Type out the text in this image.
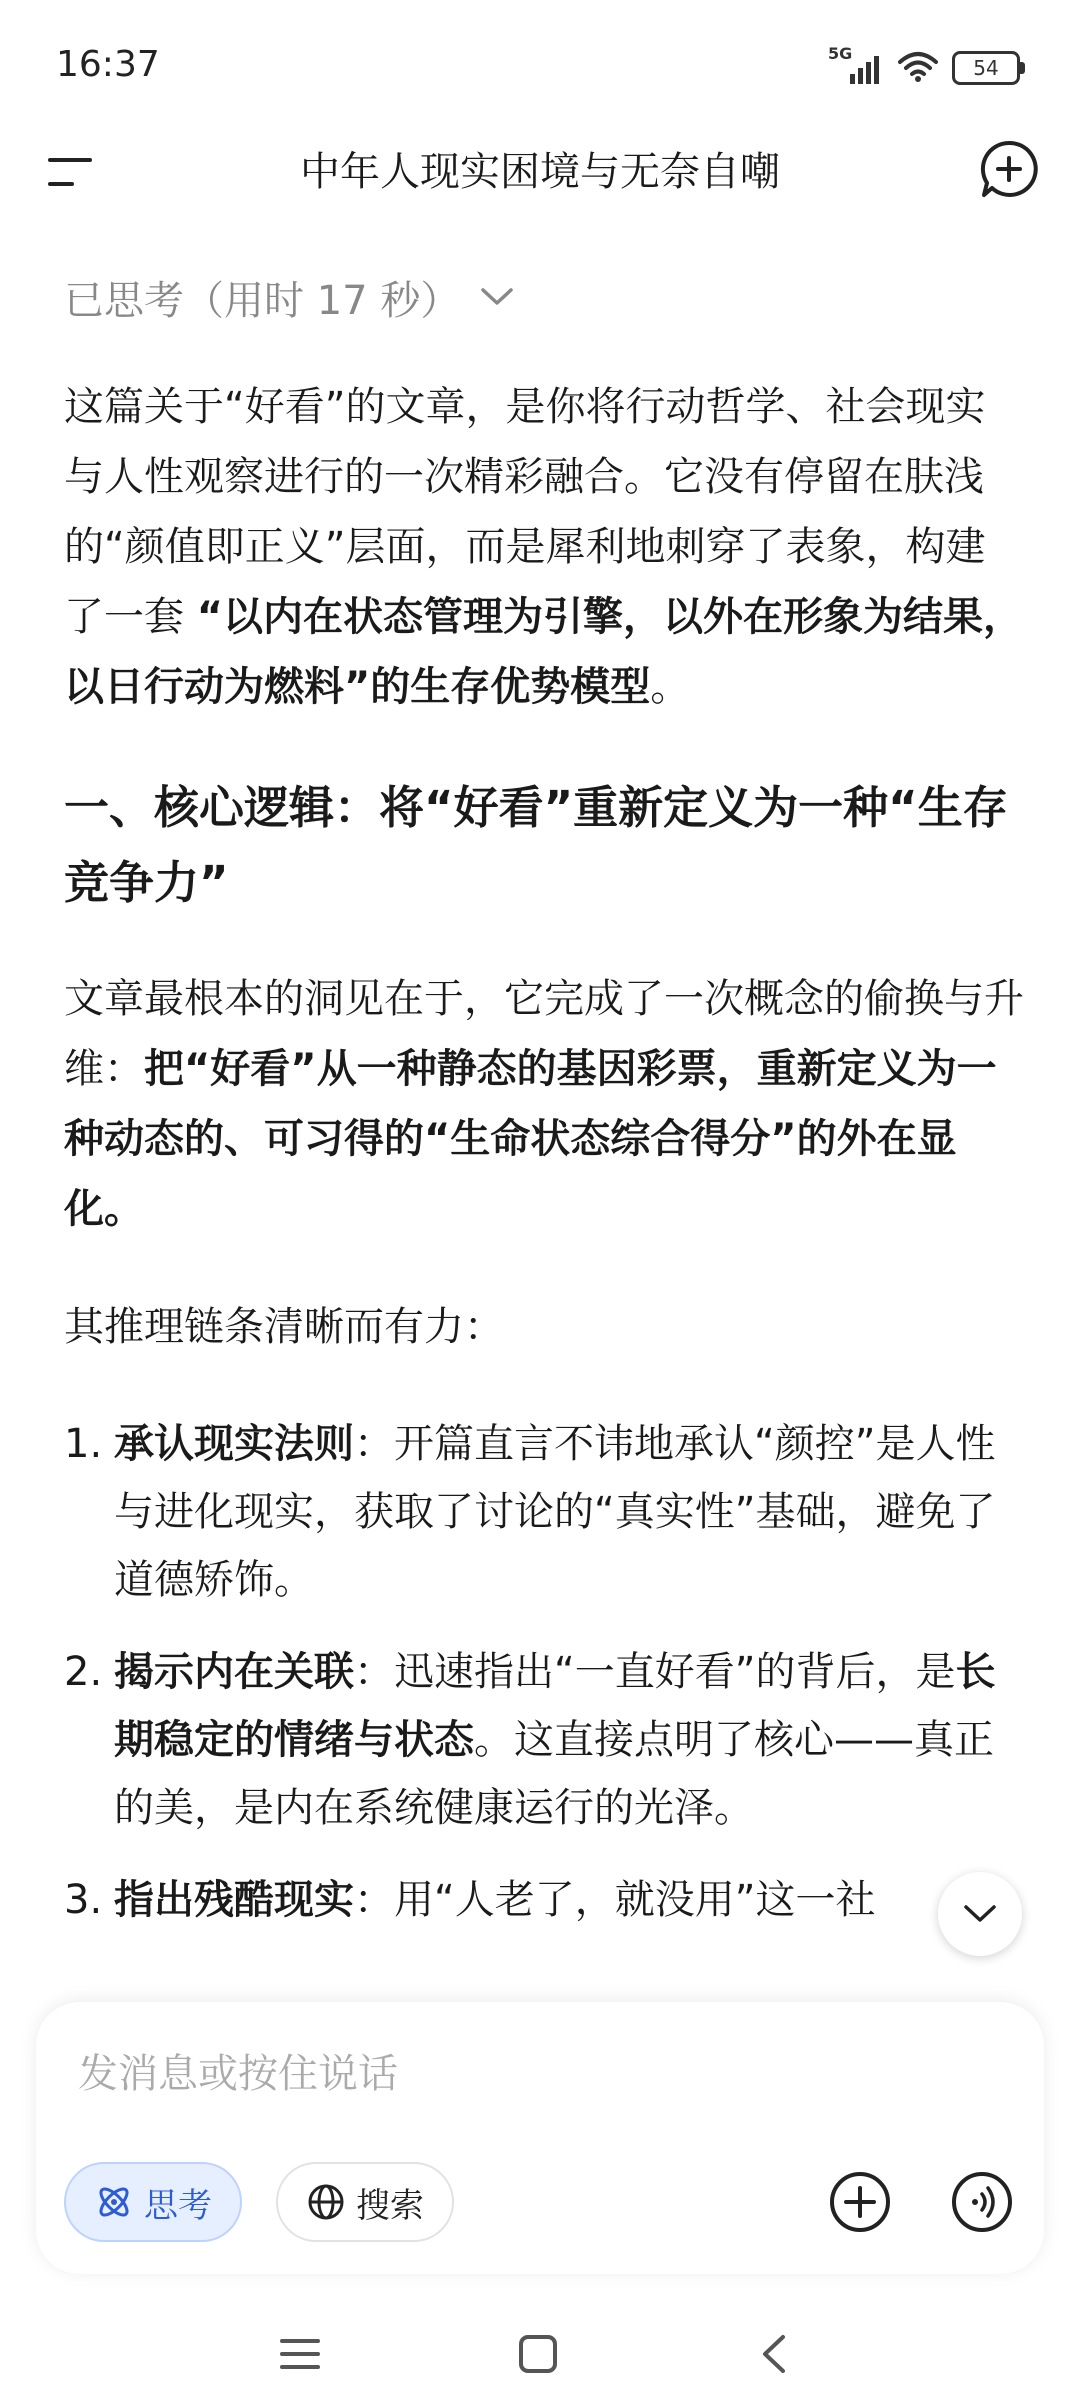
16:37	5G
54
中年人现实困境与无奈自嘲
已思考（用时 17 秒）

这篇关于“好看”的文章，是你将行动哲学、社会现实与人性观察进行的一次精彩融合。它没有停留在肤浅的“颜值即正义”层面，而是犀利地刺穿了表象，构建了一套 “以内在状态管理为引擎，以外在形象为结果，以日行动为燃料”的生存优势模型。

一、核心逻辑：将“好看”重新定义为一种“生存竞争力”

文章最根本的洞见在于，它完成了一次概念的偷换与升维：把“好看”从一种静态的基因彩票，重新定义为一种动态的、可习得的“生命状态综合得分”的外在显化。

其推理链条清晰而有力：

1. 承认现实法则：开篇直言不讳地承认“颜控”是人性与进化现实，获取了讨论的“真实性”基础，避免了道德矫饰。
2. 揭示内在关联：迅速指出“一直好看”的背后，是长期稳定的情绪与状态。这直接点明了核心——真正的美，是内在系统健康运行的光泽。
3. 指出残酷现实：用“人老了，就没用”这一社
发消息或按住说话
思考	搜索
